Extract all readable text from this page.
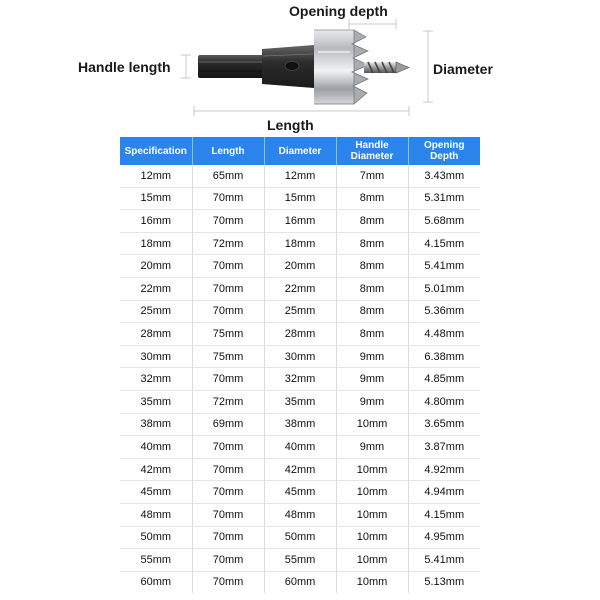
Opening depth
Handle length	Diameter
Length
Specification	Length	Diameter	Handle Diameter	Opening Depth
12mm	65mm	12mm	7mm	3.43mm
15mm	70mm	15mm	8mm	5.31mm
16mm	70mm	16mm	8mm	5.68mm
18mm	72mm	18mm	8mm	4.15mm
20mm	70mm	20mm	8mm	5.41mm
22mm	70mm	22mm	8mm	5.01mm
25mm	70mm	25mm	8mm	5.36mm
28mm	75mm	28mm	8mm	4.48mm
30mm	75mm	30mm	9mm	6.38mm
32mm	70mm	32mm	9mm	4.85mm
35mm	72mm	35mm	9mm	4.80mm
38mm	69mm	38mm	10mm	3.65mm
40mm	70mm	40mm	9mm	3.87mm
42mm	70mm	42mm	10mm	4.92mm
45mm	70mm	45mm	10mm	4.94mm
48mm	70mm	48mm	10mm	4.15mm
50mm	70mm	50mm	10mm	4.95mm
55mm	70mm	55mm	10mm	5.41mm
60mm	70mm	60mm	10mm	5.13mm
